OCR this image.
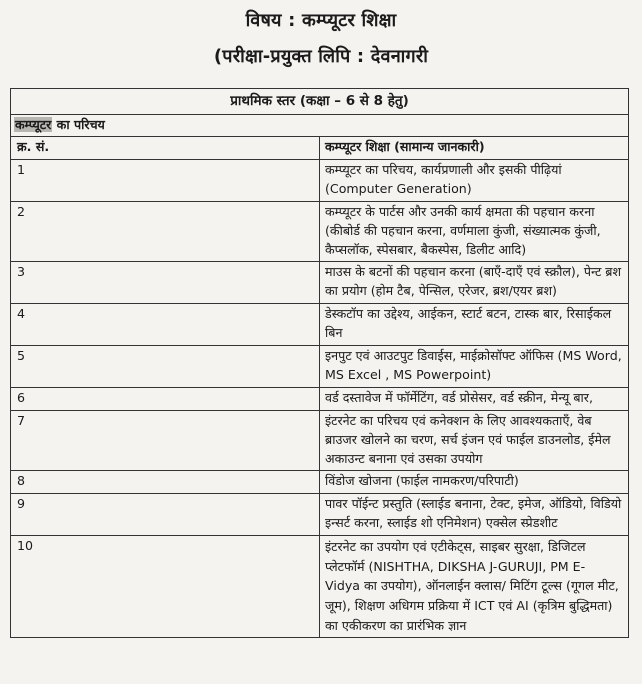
विषय : कम्प्यूटर शिक्षा
(परीक्षा-प्रयुक्त लिपि : देवनागरी
प्राथमिक स्तर (कक्षा – 6 से 8 हेतु)	
कम्प्यूटर का परिचय	
क्र. सं.	कम्प्यूटर शिक्षा (सामान्य जानकारी)
1	कम्प्यूटर का परिचय, कार्यप्रणाली और इसकी पीढ़ियां (Computer Generation)
2	कम्प्यूटर के पार्टस और उनकी कार्य क्षमता की पहचान करना (कीबोर्ड की पहचान करना, वर्णमाला कुंजी, संख्यात्मक कुंजी, कैप्सलॉक, स्पेसबार, बैकस्पेस, डिलीट आदि)
3	माउस के बटनों की पहचान करना (बाएँ-दाएँ एवं स्क्रौल), पेन्ट ब्रश का प्रयोग (होम टैब, पेन्सिल, एरेजर, ब्रश/एयर ब्रश)
4	डेस्कटॉप का उद्देश्य, आईकन, स्टार्ट बटन, टास्क बार, रिसाईकल बिन
5	इनपुट एवं आउटपुट डिवाईस, माईक्रोसॉफ्ट ऑफिस (MS Word, MS Excel , MS Powerpoint)
6	वर्ड दस्तावेज में फॉर्मेटिंग, वर्ड प्रोसेसर, वर्ड स्क्रीन, मेन्यू बार,
7	इंटरनेट का परिचय एवं कनेक्शन के लिए आवश्यकताएँ, वेब ब्राउजर खोलने का चरण, सर्च इंजन एवं फाईल डाउनलोड, ईमेल अकाउन्ट बनाना एवं उसका उपयोग
8	विंडोज खोजना (फाईल नामकरण/परिपाटी)
9	पावर पॉईन्ट प्रस्तुति (स्लाईड बनाना, टेक्ट, इमेज, ऑडियो, विडियो इन्सर्ट करना, स्लाईड शो एनिमेशन) एक्सेल स्प्रेडशीट
10	इंटरनेट का उपयोग एवं एटीकेट्स, साइबर सुरक्षा, डिजिटल प्लेटफॉर्म (NISHTHA, DIKSHA J-GURUJI, PM E- Vidya का उपयोग), ऑनलाईन क्लास/ मिटिंग टूल्स (गूगल मीट, जूम), शिक्षण अधिगम प्रक्रिया में ICT एवं AI (कृत्रिम बुद्धिमता) का एकीकरण का प्रारंभिक ज्ञान
